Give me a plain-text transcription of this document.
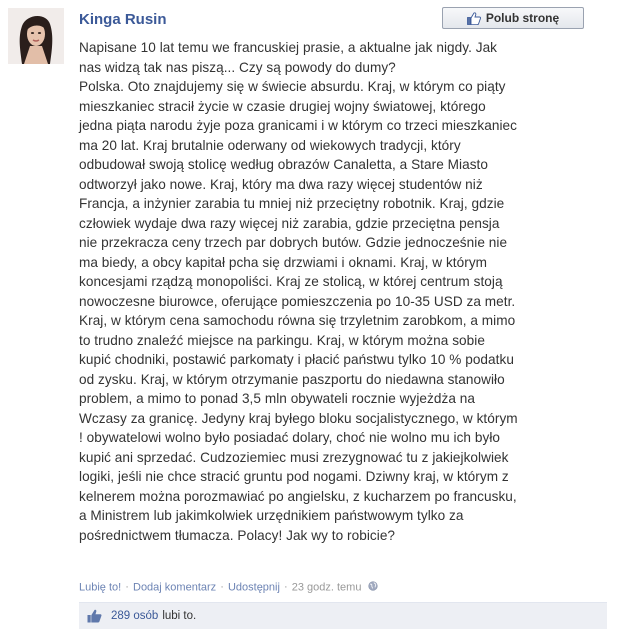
Kinga Rusin	Polub stronę
Napisane 10 lat temu we francuskiej prasie, a aktualne jak nigdy. Jak
nas widzą tak nas piszą... Czy są powody do dumy?
Polska. Oto znajdujemy się w świecie absurdu. Kraj, w którym co piąty
mieszkaniec stracił życie w czasie drugiej wojny światowej, którego
jedna piąta narodu żyje poza granicami i w którym co trzeci mieszkaniec
ma 20 lat. Kraj brutalnie oderwany od wiekowych tradycji, który
odbudował swoją stolicę według obrazów Canaletta, a Stare Miasto
odtworzył jako nowe. Kraj, który ma dwa razy więcej studentów niż
Francja, a inżynier zarabia tu mniej niż przeciętny robotnik. Kraj, gdzie
człowiek wydaje dwa razy więcej niż zarabia, gdzie przeciętna pensja
nie przekracza ceny trzech par dobrych butów. Gdzie jednocześnie nie
ma biedy, a obcy kapitał pcha się drzwiami i oknami. Kraj, w którym
koncesjami rządzą monopoliści. Kraj ze stolicą, w której centrum stoją
nowoczesne biurowce, oferujące pomieszczenia po 10-35 USD za metr.
Kraj, w którym cena samochodu równa się trzyletnim zarobkom, a mimo
to trudno znaleźć miejsce na parkingu. Kraj, w którym można sobie
kupić chodniki, postawić parkomaty i płacić państwu tylko 10 % podatku
od zysku. Kraj, w którym otrzymanie paszportu do niedawna stanowiło
problem, a mimo to ponad 3,5 mln obywateli rocznie wyjeżdża na
Wczasy za granicę. Jedyny kraj byłego bloku socjalistycznego, w którym
! obywatelowi wolno było posiadać dolary, choć nie wolno mu ich było
kupić ani sprzedać. Cudzoziemiec musi zrezygnować tu z jakiejkolwiek
logiki, jeśli nie chce stracić gruntu pod nogami. Dziwny kraj, w którym z
kelnerem można porozmawiać po angielsku, z kucharzem po francusku,
a Ministrem lub jakimkolwiek urzędnikiem państwowym tylko za
pośrednictwem tłumacza. Polacy! Jak wy to robicie?
Lubię to! · Dodaj komentarz · Udostępnij · 23 godz. temu
289 osób lubi to.
